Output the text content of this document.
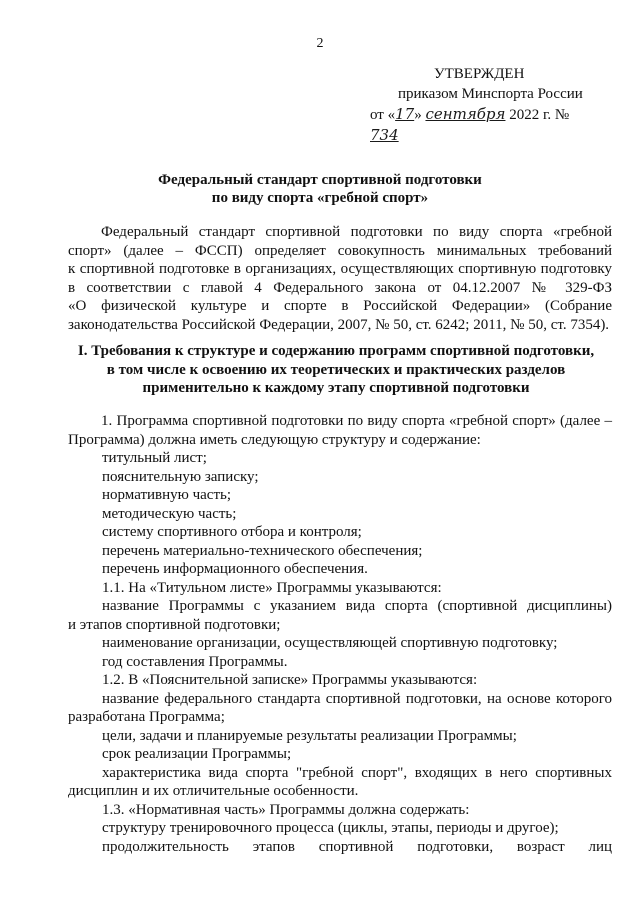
2
УТВЕРЖДЕН
приказом Минспорта России
от «17» сентября 2022 г. № 734
Федеральный стандарт спортивной подготовки
по виду спорта «гребной спорт»
Федеральный стандарт спортивной подготовки по виду спорта «гребной
спорт» (далее – ФССП) определяет совокупность минимальных требований
к спортивной подготовке в организациях, осуществляющих спортивную подготовку
в соответствии с главой 4 Федерального закона от 04.12.2007 № 329-ФЗ
«О физической культуре и спорте в Российской Федерации» (Собрание
законодательства Российской Федерации, 2007, № 50, ст. 6242; 2011, № 50, ст. 7354).
I. Требования к структуре и содержанию программ спортивной подготовки,
в том числе к освоению их теоретических и практических разделов
применительно к каждому этапу спортивной подготовки
1. Программа спортивной подготовки по виду спорта «гребной спорт» (далее –
Программа) должна иметь следующую структуру и содержание:
титульный лист;
пояснительную записку;
нормативную часть;
методическую часть;
систему спортивного отбора и контроля;
перечень материально-технического обеспечения;
перечень информационного обеспечения.
1.1. На «Титульном листе» Программы указываются:
название Программы с указанием вида спорта (спортивной дисциплины)
и этапов спортивной подготовки;
наименование организации, осуществляющей спортивную подготовку;
год составления Программы.
1.2. В «Пояснительной записке» Программы указываются:
название федерального стандарта спортивной подготовки, на основе которого
разработана Программа;
цели, задачи и планируемые результаты реализации Программы;
срок реализации Программы;
характеристика вида спорта "гребной спорт", входящих в него спортивных
дисциплин и их отличительные особенности.
1.3. «Нормативная часть» Программы должна содержать:
структуру тренировочного процесса (циклы, этапы, периоды и другое);
продолжительность этапов спортивной подготовки, возраст лиц
